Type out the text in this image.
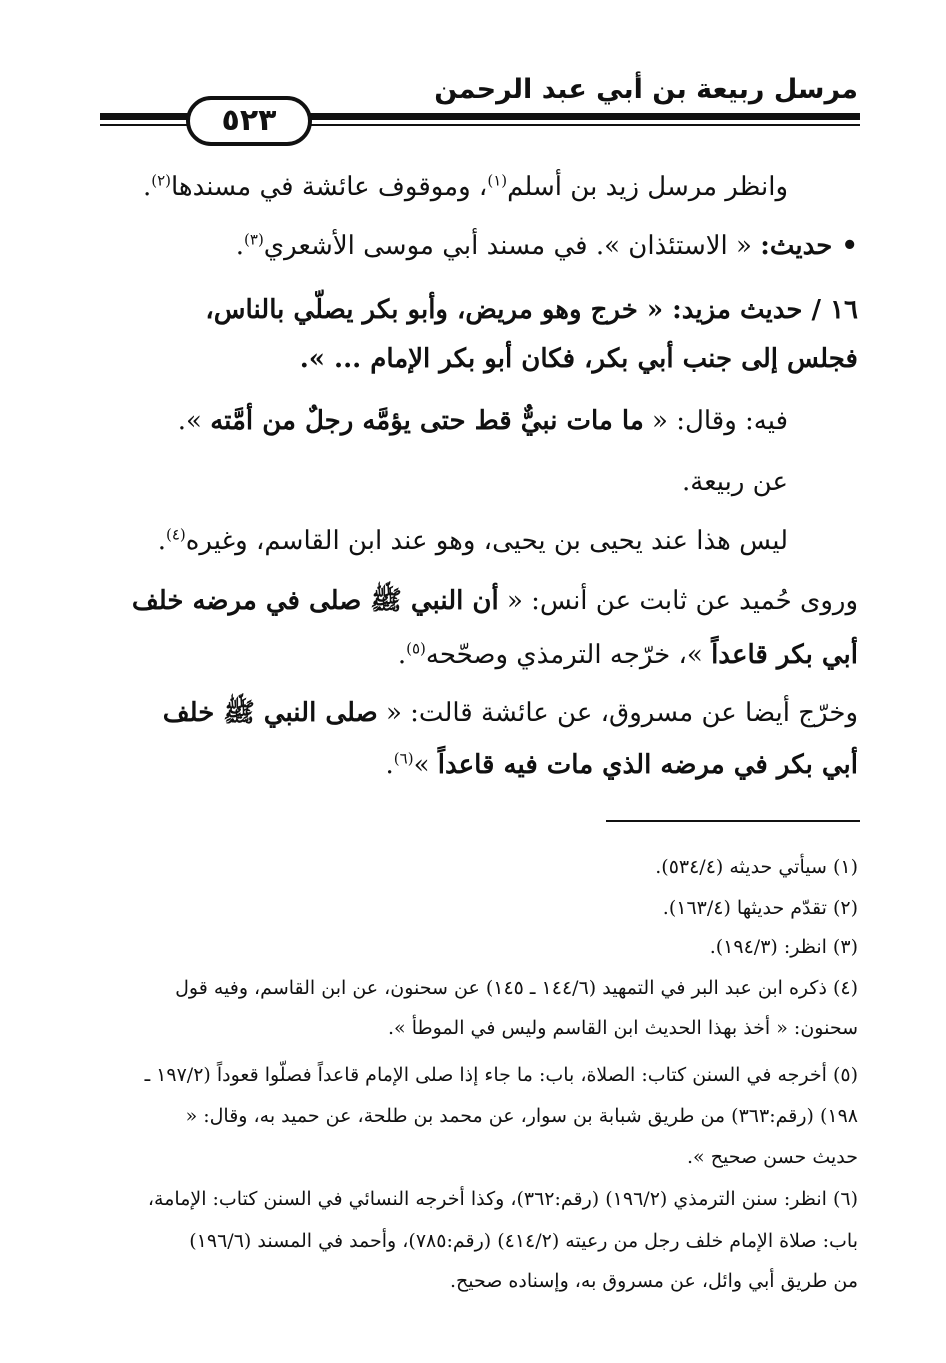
مرسل ربيعة بن أبي عبد الرحمن
٥٢٣
وانظر مرسل زيد بن أسلم$^{(١)}$، وموقوف عائشة في مسندها$^{(٢)}$.
• حديث: « الاستئذان ». في مسند أبي موسى الأشعري$^{(٣)}$.
١٦ / حديث مزيد: « خرج وهو مريض، وأبو بكر يصلّي بالناس،
فجلس إلى جنب أبي بكر، فكان أبو بكر الإمام ... ».
فيه: وقال: « ما مات نبيٌّ قط حتى يؤمَّه رجلٌ من أمَّته ».
عن ربيعة.
ليس هذا عند يحيى بن يحيى، وهو عند ابن القاسم، وغيره$^{(٤)}$.
وروى حُميد عن ثابت عن أنس: « أن النبي ﷺ صلى في مرضه خلف
أبي بكر قاعداً »، خرّجه الترمذي وصحّحه$^{(٥)}$.
وخرّج أيضا عن مسروق، عن عائشة قالت: « صلى النبي ﷺ خلف
أبي بكر في مرضه الذي مات فيه قاعداً »$^{(٦)}$.
(١) سيأتي حديثه (٥٣٤/٤).
(٢) تقدّم حديثها (١٦٣/٤).
(٣) انظر: (١٩٤/٣).
(٤) ذكره ابن عبد البر في التمهيد (١٤٤/٦ ـ ١٤٥) عن سحنون، عن ابن القاسم، وفيه قول
سحنون: « أخذ بهذا الحديث ابن القاسم وليس في الموطأ ».
(٥) أخرجه في السنن كتاب: الصلاة، باب: ما جاء إذا صلى الإمام قاعداً فصلّوا قعوداً (١٩٧/٢ ـ
١٩٨) (رقم:٣٦٣) من طريق شبابة بن سوار، عن محمد بن طلحة، عن حميد به، وقال: «
حديث حسن صحيح ».
(٦) انظر: سنن الترمذي (١٩٦/٢) (رقم:٣٦٢)، وكذا أخرجه النسائي في السنن كتاب: الإمامة،
باب: صلاة الإمام خلف رجل من رعيته (٤١٤/٢) (رقم:٧٨٥)، وأحمد في المسند (١٩٦/٦)
من طريق أبي وائل، عن مسروق به، وإسناده صحيح.
